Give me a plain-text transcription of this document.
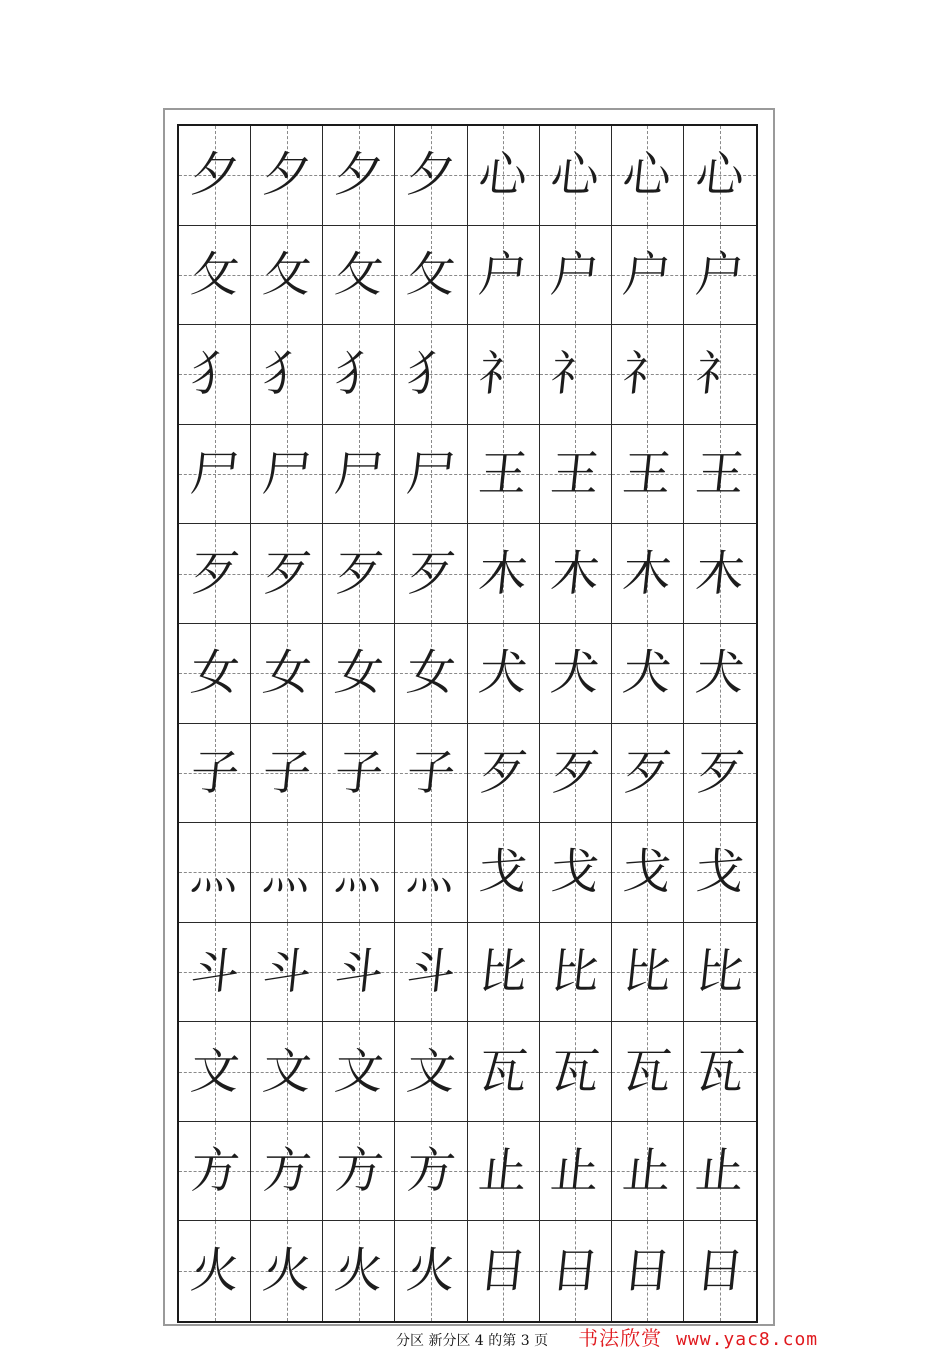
夕 夕 夕 夕 心 心 心 心
攵 攵 攵 攵 户 户 户 户
犭 犭 犭 犭 礻 礻 礻 礻
尸 尸 尸 尸 王 王 王 王
歹 歹 歹 歹 木 木 木 木
女 女 女 女 犬 犬 犬 犬
子 子 子 子 歹 歹 歹 歹
灬 灬 灬 灬 戈 戈 戈 戈
斗 斗 斗 斗 比 比 比 比
文 文 文 文 瓦 瓦 瓦 瓦
方 方 方 方 止 止 止 止
火 火 火 火 日 日 日 日
分区 新分区 4 的第 3 页 书法欣赏 www.yac8.com
